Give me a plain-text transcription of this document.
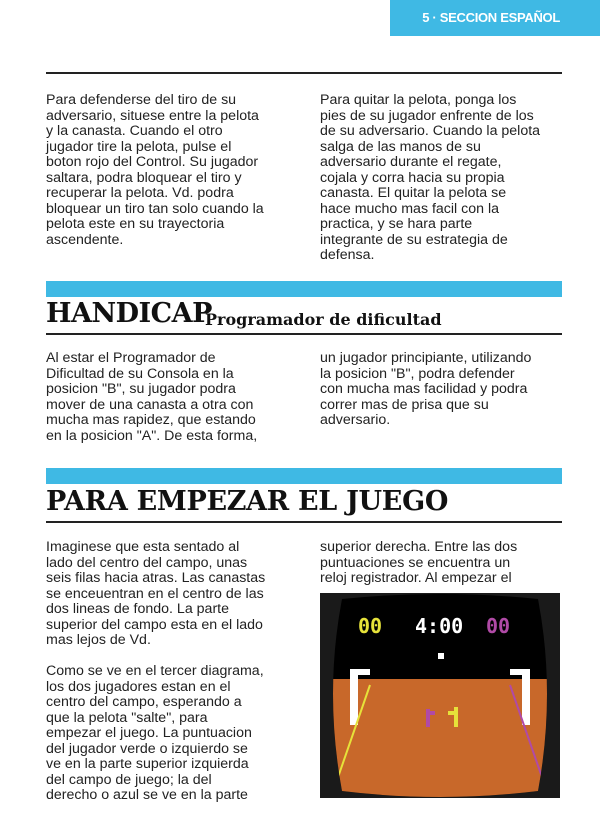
5 · SECCION ESPAÑOL
Para defenderse del tiro de su
adversario, situese entre la pelota
y la canasta. Cuando el otro
jugador tire la pelota, pulse el
boton rojo del Control. Su jugador
saltara, podra bloquear el tiro y
recuperar la pelota. Vd. podra
bloquear un tiro tan solo cuando la
pelota este en su trayectoria
ascendente.
Para quitar la pelota, ponga los
pies de su jugador enfrente de los
de su adversario. Cuando la pelota
salga de las manos de su
adversario durante el regate,
cojala y corra hacia su propia
canasta. El quitar la pelota se
hace mucho mas facil con la
practica, y se hara parte
integrante de su estrategia de
defensa.
HANDICAP
Programador de dificultad
Al estar el Programador de
Dificultad de su Consola en la
posicion "B", su jugador podra
mover de una canasta a otra con
mucha mas rapidez, que estando
en la posicion "A". De esta forma,
un jugador principiante, utilizando
la posicion "B", podra defender
con mucha mas facilidad y podra
correr mas de prisa que su
adversario.
PARA EMPEZAR EL JUEGO
Imaginese que esta sentado al
lado del centro del campo, unas
seis filas hacia atras. Las canastas
se enceuentran en el centro de las
dos lineas de fondo. La parte
superior del campo esta en el lado
mas lejos de Vd.

Como se ve en el tercer diagrama,
los dos jugadores estan en el
centro del campo, esperando a
que la pelota "salte", para
empezar el juego. La puntuacion
del jugador verde o izquierdo se
ve en la parte superior izquierda
del campo de juego; la del
derecho o azul se ve en la parte
superior derecha. Entre las dos
puntuaciones se encuentra un
reloj registrador. Al empezar el
00 4:00 00
